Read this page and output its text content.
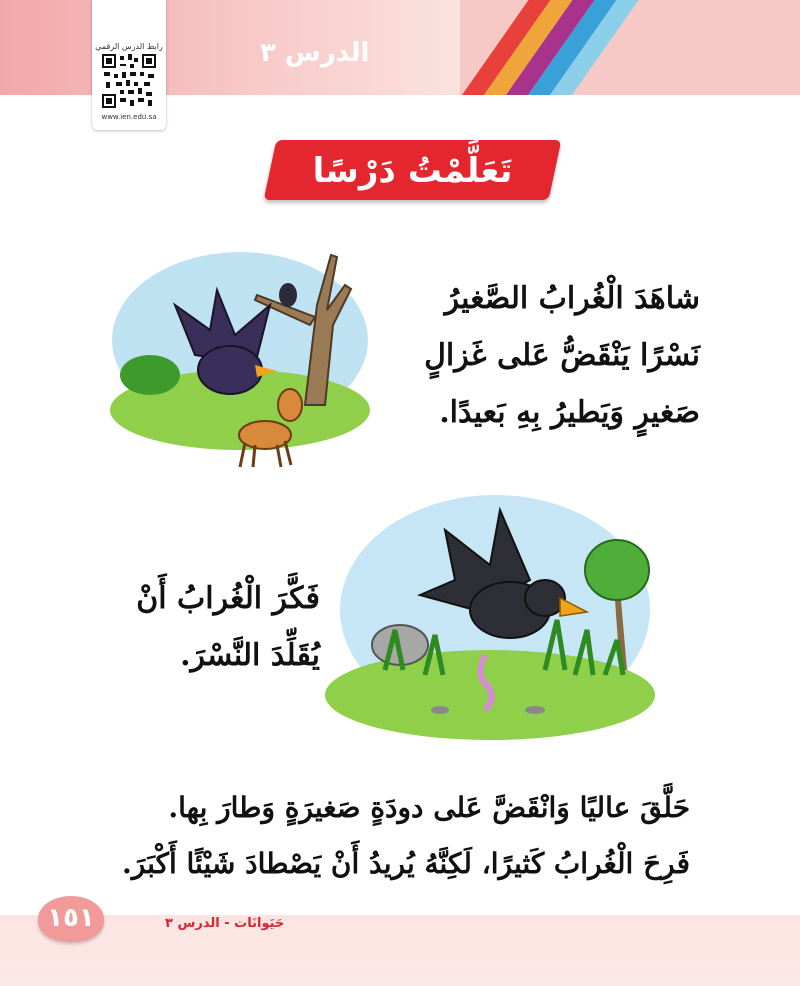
الدرس ٣
رابط الدرس الرقمي
www.ien.edu.sa
تَعَلَّمْتُ دَرْسًا
شاهَدَ الْغُرابُ الصَّغيرُ
نَسْرًا يَنْقَضُّ عَلى غَزالٍ
صَغيرٍ وَيَطيرُ بِهِ بَعيدًا.
فَكَّرَ الْغُرابُ أَنْ
يُقَلِّدَ النَّسْرَ.
حَلَّقَ عاليًا وَانْقَضَّ عَلى دودَةٍ صَغيرَةٍ وَطارَ بِها.
فَرِحَ الْغُرابُ كَثيرًا، لَكِنَّهُ يُريدُ أَنْ يَصْطادَ شَيْئًا أَكْبَرَ.
حَيَوانَات - الدرس ٣
١٥١
